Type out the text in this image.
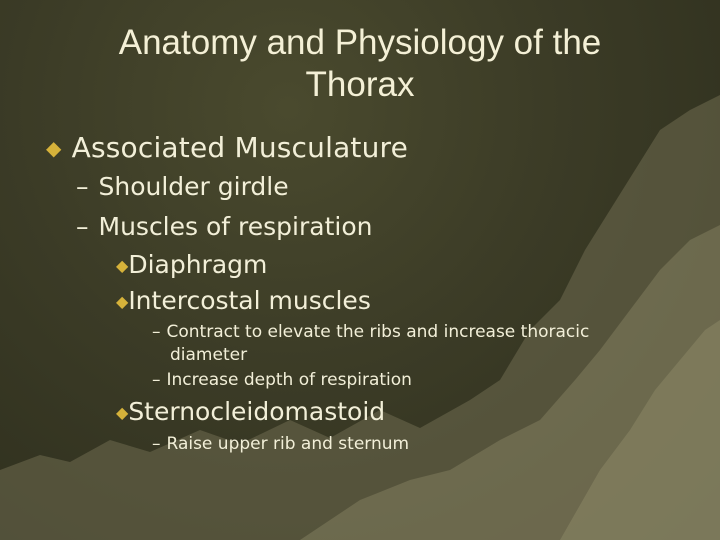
Anatomy and Physiology of the
Thorax
◆ Associated Musculature
– Shoulder girdle
– Muscles of respiration
◆Diaphragm
◆Intercostal muscles
– Contract to elevate the ribs and increase thoracic
diameter
– Increase depth of respiration
◆Sternocleidomastoid
– Raise upper rib and sternum
